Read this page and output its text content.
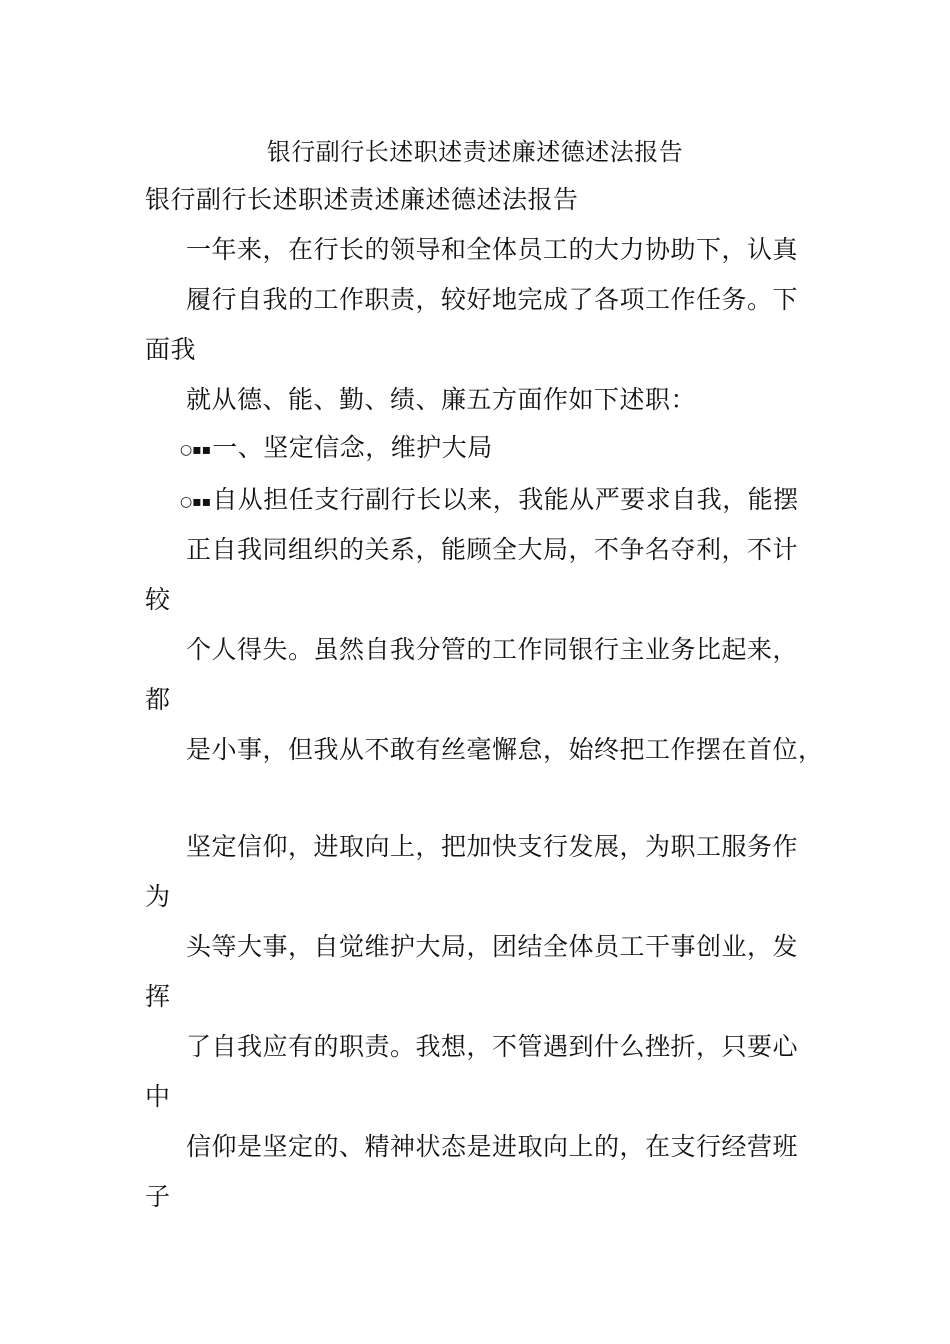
银行副行长述职述责述廉述德述法报告
银行副行长述职述责述廉述德述法报告
一年来，在行长的领导和全体员工的大力协助下，认真
履行自我的工作职责，较好地完成了各项工作任务。下
面我
就从德、能、勤、绩、廉五方面作如下述职：
○▪▪一、坚定信念，维护大局
○▪▪自从担任支行副行长以来，我能从严要求自我，能摆
正自我同组织的关系，能顾全大局，不争名夺利，不计
较
个人得失。虽然自我分管的工作同银行主业务比起来，
都
是小事，但我从不敢有丝毫懈怠，始终把工作摆在首位，
坚定信仰，进取向上，把加快支行发展，为职工服务作
为
头等大事，自觉维护大局，团结全体员工干事创业，发
挥
了自我应有的职责。我想，不管遇到什么挫折，只要心
中
信仰是坚定的、精神状态是进取向上的，在支行经营班
子
